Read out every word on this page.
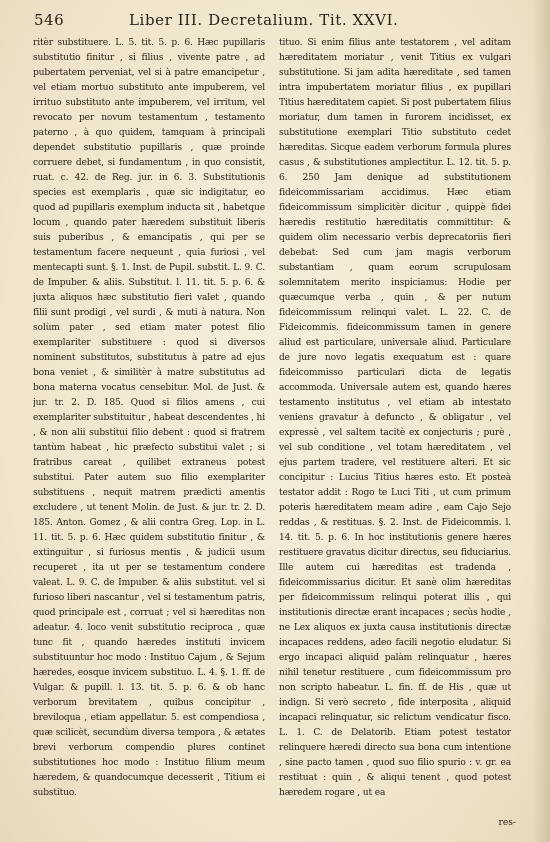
546	Liber III. Decretalium. Tit. XXVI.

ritèr substituere. L. 5. tit. 5. p. 6. Hæc pupillaris substitutio finitur , si filius , vivente patre , ad pubertatem perveniat, vel si à patre emancipetur , vel etiam mortuo substituto ante impuberem, vel irrituo substituto ante impuberem, vel irritum, vel revocato per novum testamentum , testamento paterno , à quo quidem, tamquam à principali dependet substitutio pupillaris , quæ proinde corruere debet, si fundamentum , in quo consistit, ruat. c. 42. de Reg. jur. in 6. 3. Substitutionis species est exemplaris , quæ sic indigitatur, eo quod ad pupillaris exemplum inducta sit , habetque locum , quando pater hæredem substituit liberis suis puberibus , & emancipatis , qui per se testamentum facere nequeunt , quia furiosi , vel mentecapti sunt. §. 1. Inst. de Pupil. substit. L. 9. C. de Impuber. & aliis. Substitut. l. 11. tit. 5. p. 6. & juxta aliquos hæc substitutio fieri valet , quando filii sunt prodigi , vel surdi , & muti à natura. Non solùm pater , sed etiam mater potest filio exemplariter substituere : quod si diversos nominent substitutos, substitutus à patre ad ejus bona veniet , & similitèr à matre substitutus ad bona materna vocatus censebitur. Mol. de Just. & jur. tr. 2. D. 185. Quod si filios amens , cui exemplariter substituitur , habeat descendentes , hi , & non alii substitui filio debent : quod si fratrem tantùm habeat , hic præfecto substitui valet ; si fratribus careat , quilibet extraneus potest substitui. Pater autem suo filio exemplariter substituens , nequit matrem prædicti amentis excludere , ut tenent Molin. de Just. & jur. tr. 2. D. 185. Anton. Gomez , & alii contra Greg. Lop. in L. 11. tit. 5. p. 6. Hæc quidem substitutio finitur , & extinguitur , si furiosus mentis , & judicii usum recuperet , ita ut per se testamentum condere valeat. L. 9. C. de Impuber. & aliis substitut. vel si furioso liberi nascantur , vel si testamentum patris, quod principale est , corruat ; vel si hæreditas non adeatur. 4. loco venit substitutio reciproca , quæ tunc fit , quando hæredes instituti invicem substituuntur hoc modo : Instituo Cajum , & Sejum hæredes, eosque invicem substituo. L. 4. §. 1. ff. de Vulgar. & pupill. l. 13. tit. 5. p. 6. & ob hanc verborum brevitatem , quibus concipitur , breviloqua , etiam appellatur. 5. est compendiosa , quæ scilicèt, secundùm diversa tempora , & ætates brevi verborum compendio plures continet substitutiones hoc modo : Instituo filium meum hæredem, & quandocumque decesserit , Titium ei substituo.

tituo. Si enim filius ante testatorem , vel aditam hæreditatem moriatur , venit Titius ex vulgari substitutione. Si jam adita hæreditate , sed tamen intra impubertatem moriatur filius , ex pupillari Titius hæreditatem capiet. Si post pubertatem filius moriatur, dum tamen in furorem incidisset, ex substitutione exemplari Titio substituto cedet hæreditas. Sicque eadem verborum formula plures casus , & substitutiones amplectitur. L. 12. tit. 5. p. 6. 250 Jam denique ad substitutionem fideicommissariam accidimus. Hæc etiam fideicommissum simplicitèr dicitur , quippè fidei hæredis restitutio hæreditatis committitur: & quidem olim necessario verbis deprecatoriis fieri debebat: Sed cum jam magis verborum substantiam , quam eorum scrupulosam solemnitatem merito inspiciamus: Hodie per quæcumque verba , quin , & per nutum fideicommissum relinqui valet. L. 22. C. de Fideicommis. fideicommissum tamen in genere aliud est particulare, universale aliud. Particulare de jure novo legatis exequatum est : quare fideicommisso particulari dicta de legatis accommoda. Universale autem est, quando hæres testamento institutus , vel etiam ab intestato veniens gravatur à defuncto , & obligatur , vel expressè , vel saltem tacitè ex conjecturis ; purè , vel sub conditione , vel totam hæreditatem , vel ejus partem tradere, vel restituere alteri. Et sic concipitur : Lucius Titius hæres esto. Et posteà testator addit : Rogo te Luci Titi , ut cum primum poteris hæreditatem meam adire , eam Cajo Sejo reddas , & restituas. §. 2. Inst. de Fideicommis. l. 14. tit. 5. p. 6. In hoc institutionis genere hæres restituere gravatus dicitur directus, seu fiduciarius. Ille autem cui hæreditas est tradenda , fideicommissarius dicitur. Et sanè olim hæreditas per fideicommissum relinqui poterat illis , qui institutionis directæ erant incapaces ; secùs hodie , ne Lex aliquos ex juxta causa institutionis directæ incapaces reddens, adeo facili negotio eludatur. Si ergo incapaci aliquid palàm relinquatur , hæres nihil tenetur restituere , cum fideicommissum pro non scripto habeatur. L. fin. ff. de His , quæ ut indign. Si verò secreto , fide interposita , aliquid incapaci relinquatur, sic relictum vendicatur fisco. L. 1. C. de Delatorib. Etiam potest testator relinquere hæredi directo sua bona cum intentione , sine pacto tamen , quod suo filio spurio : v. gr. ea restituat : quin , & aliqui tenent , quod potest hæredem rogare , ut ea

res-
